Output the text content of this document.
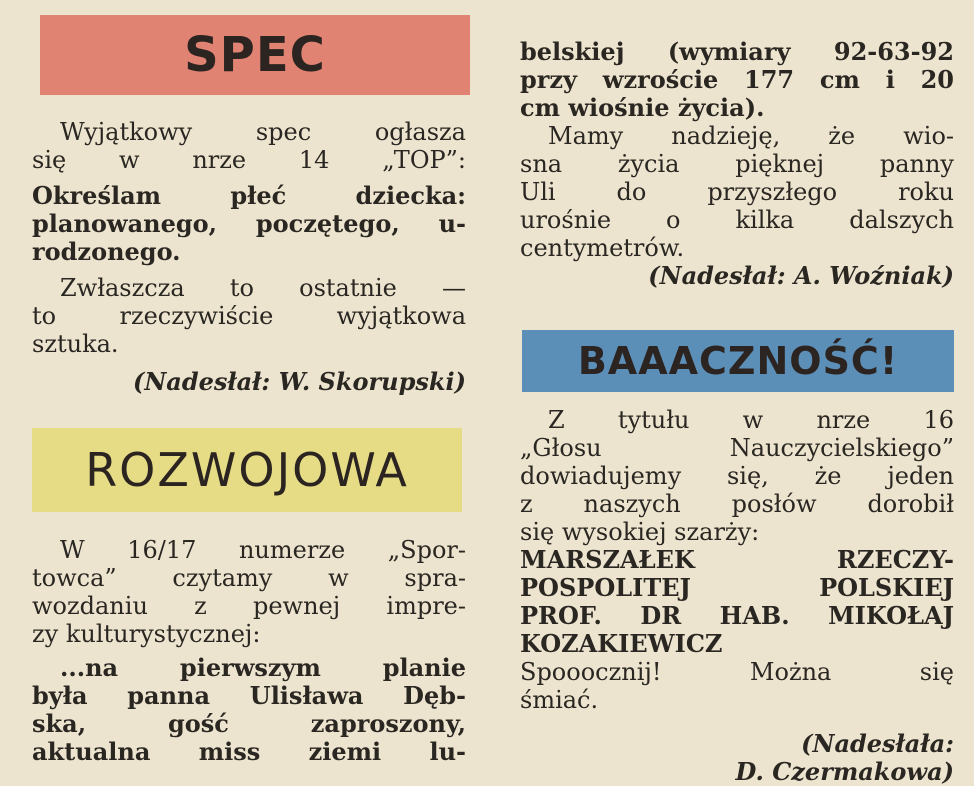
SPEC
ROZWOJOWA
BAAACZNOŚĆ!

Wyjątkowy spec ogłasza

się w nrze 14 „TOP”:

Określam płeć dziecka:

planowanego, poczętego, u-

rodzonego.

Zwłaszcza to ostatnie —

to rzeczywiście wyjątkowa

sztuka.

(Nadesłał: W. Skorupski)

W 16/17 numerze „Spor-

towca” czytamy w spra-

wozdaniu z pewnej impre-

zy kulturystycznej:

...na pierwszym planie

była panna Ulisława Dęb-

ska, gość zaproszony,

aktualna miss ziemi lu-

belskiej (wymiary 92-63-92

przy wzroście 177 cm i 20

cm wiośnie życia).

Mamy nadzieję, że wio-

sna życia pięknej panny

Uli do przyszłego roku

urośnie o kilka dalszych

centymetrów.

(Nadesłał: A. Woźniak)

Z tytułu w nrze 16

„Głosu Nauczycielskiego”

dowiadujemy się, że jeden

z naszych posłów dorobił

się wysokiej szarży:

MARSZAŁEK RZECZY-

POSPOLITEJ POLSKIEJ

PROF. DR HAB. MIKOŁAJ

KOZAKIEWICZ

Spooocznij! Można się

śmiać.

(Nadesłała:

D. Czermakowa)
